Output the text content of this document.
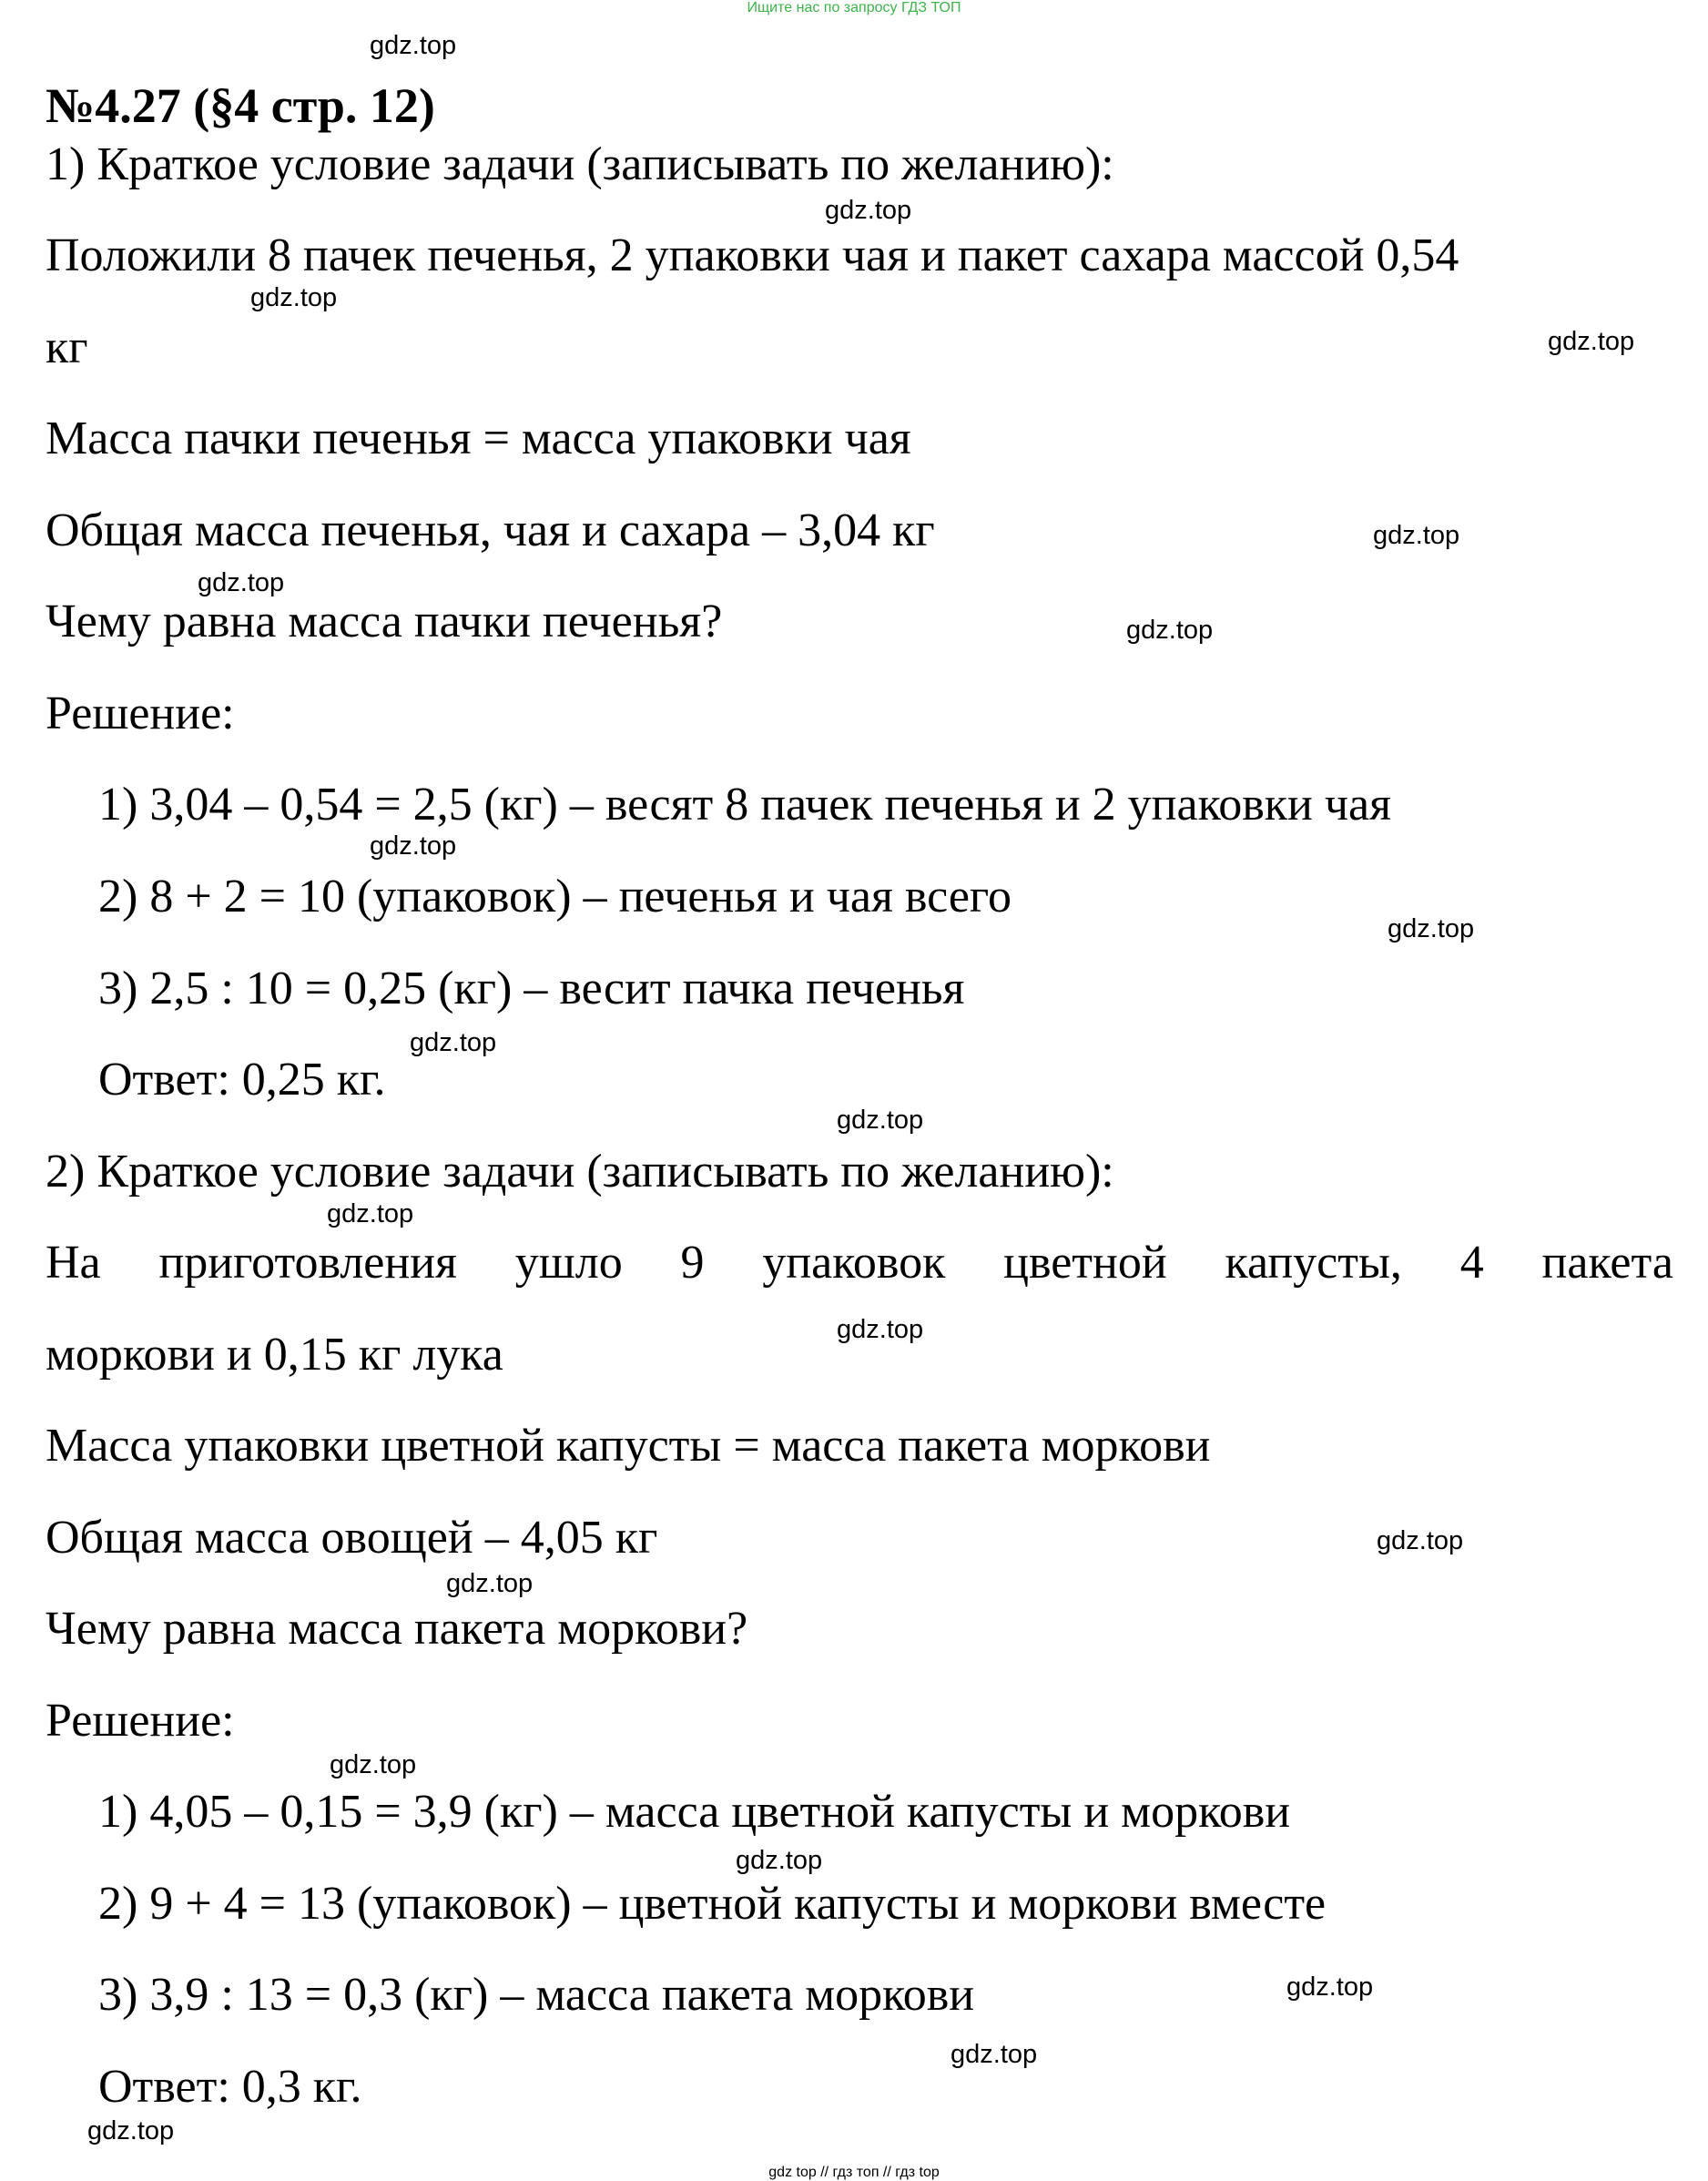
Ищите нас по запросу ГДЗ ТОП
№4.27 (§4 стр. 12)
1) Краткое условие задачи (записывать по желанию):
Положили 8 пачек печенья, 2 упаковки чая и пакет сахара массой 0,54
кг
Масса пачки печенья = масса упаковки чая
Общая масса печенья, чая и сахара – 3,04 кг
Чему равна масса пачки печенья?
Решение:
1) 3,04 – 0,54 = 2,5 (кг) – весят 8 пачек печенья и 2 упаковки чая
2) 8 + 2 = 10 (упаковок) – печенья и чая всего
3) 2,5 : 10 = 0,25 (кг) – весит пачка печенья
Ответ: 0,25 кг.
2) Краткое условие задачи (записывать по желанию):
На приготовления ушло 9 упаковок цветной капусты, 4 пакета
моркови и 0,15 кг лука
Масса упаковки цветной капусты = масса пакета моркови
Общая масса овощей – 4,05 кг
Чему равна масса пакета моркови?
Решение:
1) 4,05 – 0,15 = 3,9 (кг) – масса цветной капусты и моркови
2) 9 + 4 = 13 (упаковок) – цветной капусты и моркови вместе
3) 3,9 : 13 = 0,3 (кг) – масса пакета моркови
Ответ: 0,3 кг.
gdz.top
gdz.top
gdz.top
gdz.top
gdz.top
gdz.top
gdz.top
gdz.top
gdz.top
gdz.top
gdz.top
gdz.top
gdz.top
gdz.top
gdz.top
gdz.top
gdz.top
gdz.top
gdz.top
gdz.top
gdz top // гдз топ // гдз top
